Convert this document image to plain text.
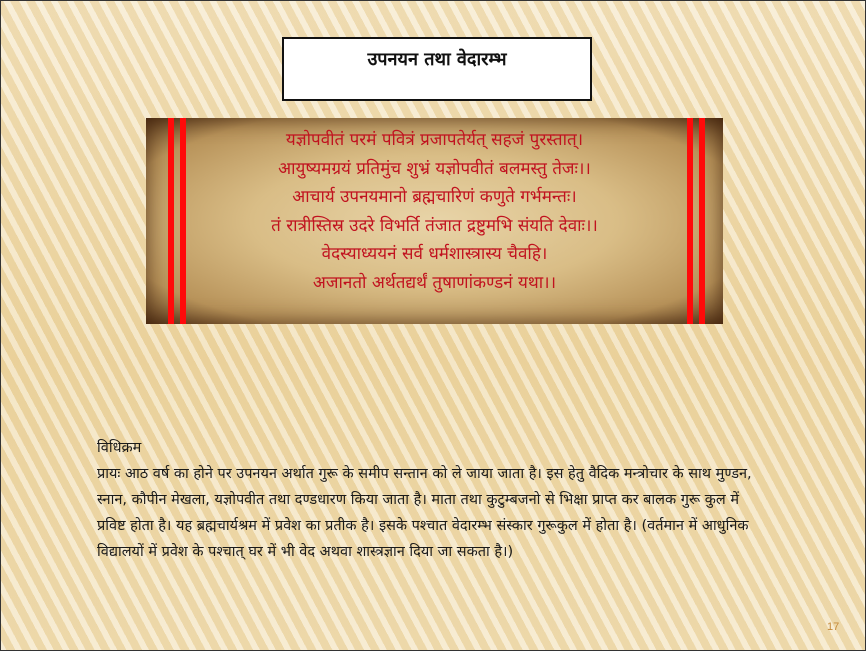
उपनयन तथा वेदारम्भ
यज्ञोपवीतं परमं पवित्रं प्रजापतेर्यत् सहजं पुरस्तात्।
आयुष्यमग्रयं प्रतिमुंच शुभ्रं यज्ञोपवीतं बलमस्तु तेजः।।
आचार्य उपनयमानो ब्रह्मचारिणं कणुते गर्भमन्तः।
तं रात्रीस्तिस्र उदरे विभर्ति तंजात द्रष्टुमभि संयति देवाः।।
वेदस्याध्ययनं सर्व धर्मशास्त्रास्य चैवहि।
अजानतो अर्थतद्यर्थं तुषाणांकण्डनं यथा।।
विधिक्रम
प्रायः आठ वर्ष का होने पर उपनयन अर्थात गुरू के समीप सन्तान को ले जाया जाता है। इस हेतु वैदिक मन्त्रोचार के साथ मुण्डन, स्नान, कौपीन मेखला, यज्ञोपवीत तथा दण्डधारण किया जाता है। माता तथा कुटुम्बजनो से भिक्षा प्राप्त कर बालक गुरू कुल में प्रविष्ट होता है। यह ब्रह्मचार्यश्रम में प्रवेश का प्रतीक है। इसके पश्चात वेदारम्भ संस्कार गुरूकुल में होता है। (वर्तमान में आधुनिक विद्यालयों में प्रवेश के पश्चात् घर में भी वेद अथवा शास्त्रज्ञान दिया जा सकता है।)
17
